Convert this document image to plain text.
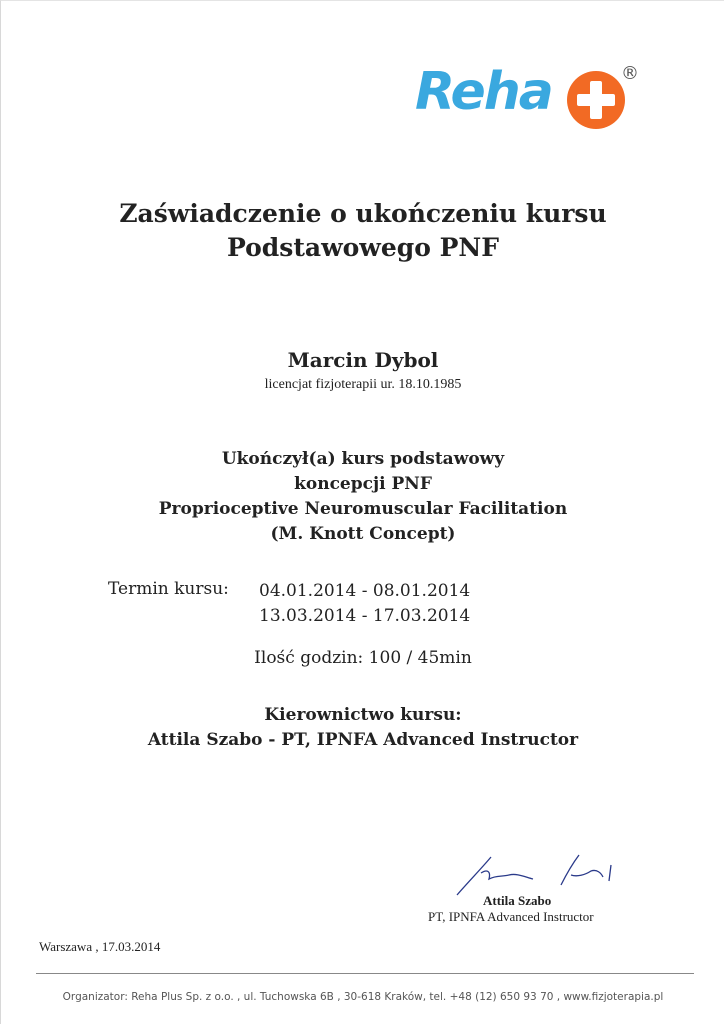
Reha	®
Zaświadczenie o ukończeniu kursu
Podstawowego PNF
Marcin Dybol
licencjat fizjoterapii ur. 18.10.1985
Ukończył(a) kurs podstawowy
koncepcji PNF
Proprioceptive Neuromuscular Facilitation
(M. Knott Concept)
Termin kursu: 04.01.2014 - 08.01.2014
13.03.2014 - 17.03.2014
Ilość godzin: 100 / 45min
Kierownictwo kursu:
Attila Szabo - PT, IPNFA Advanced Instructor
Attila Szabo
PT, IPNFA Advanced Instructor
Warszawa , 17.03.2014
Organizator: Reha Plus Sp. z o.o. , ul. Tuchowska 6B , 30-618 Kraków, tel. +48 (12) 650 93 70 , www.fizjoterapia.pl
